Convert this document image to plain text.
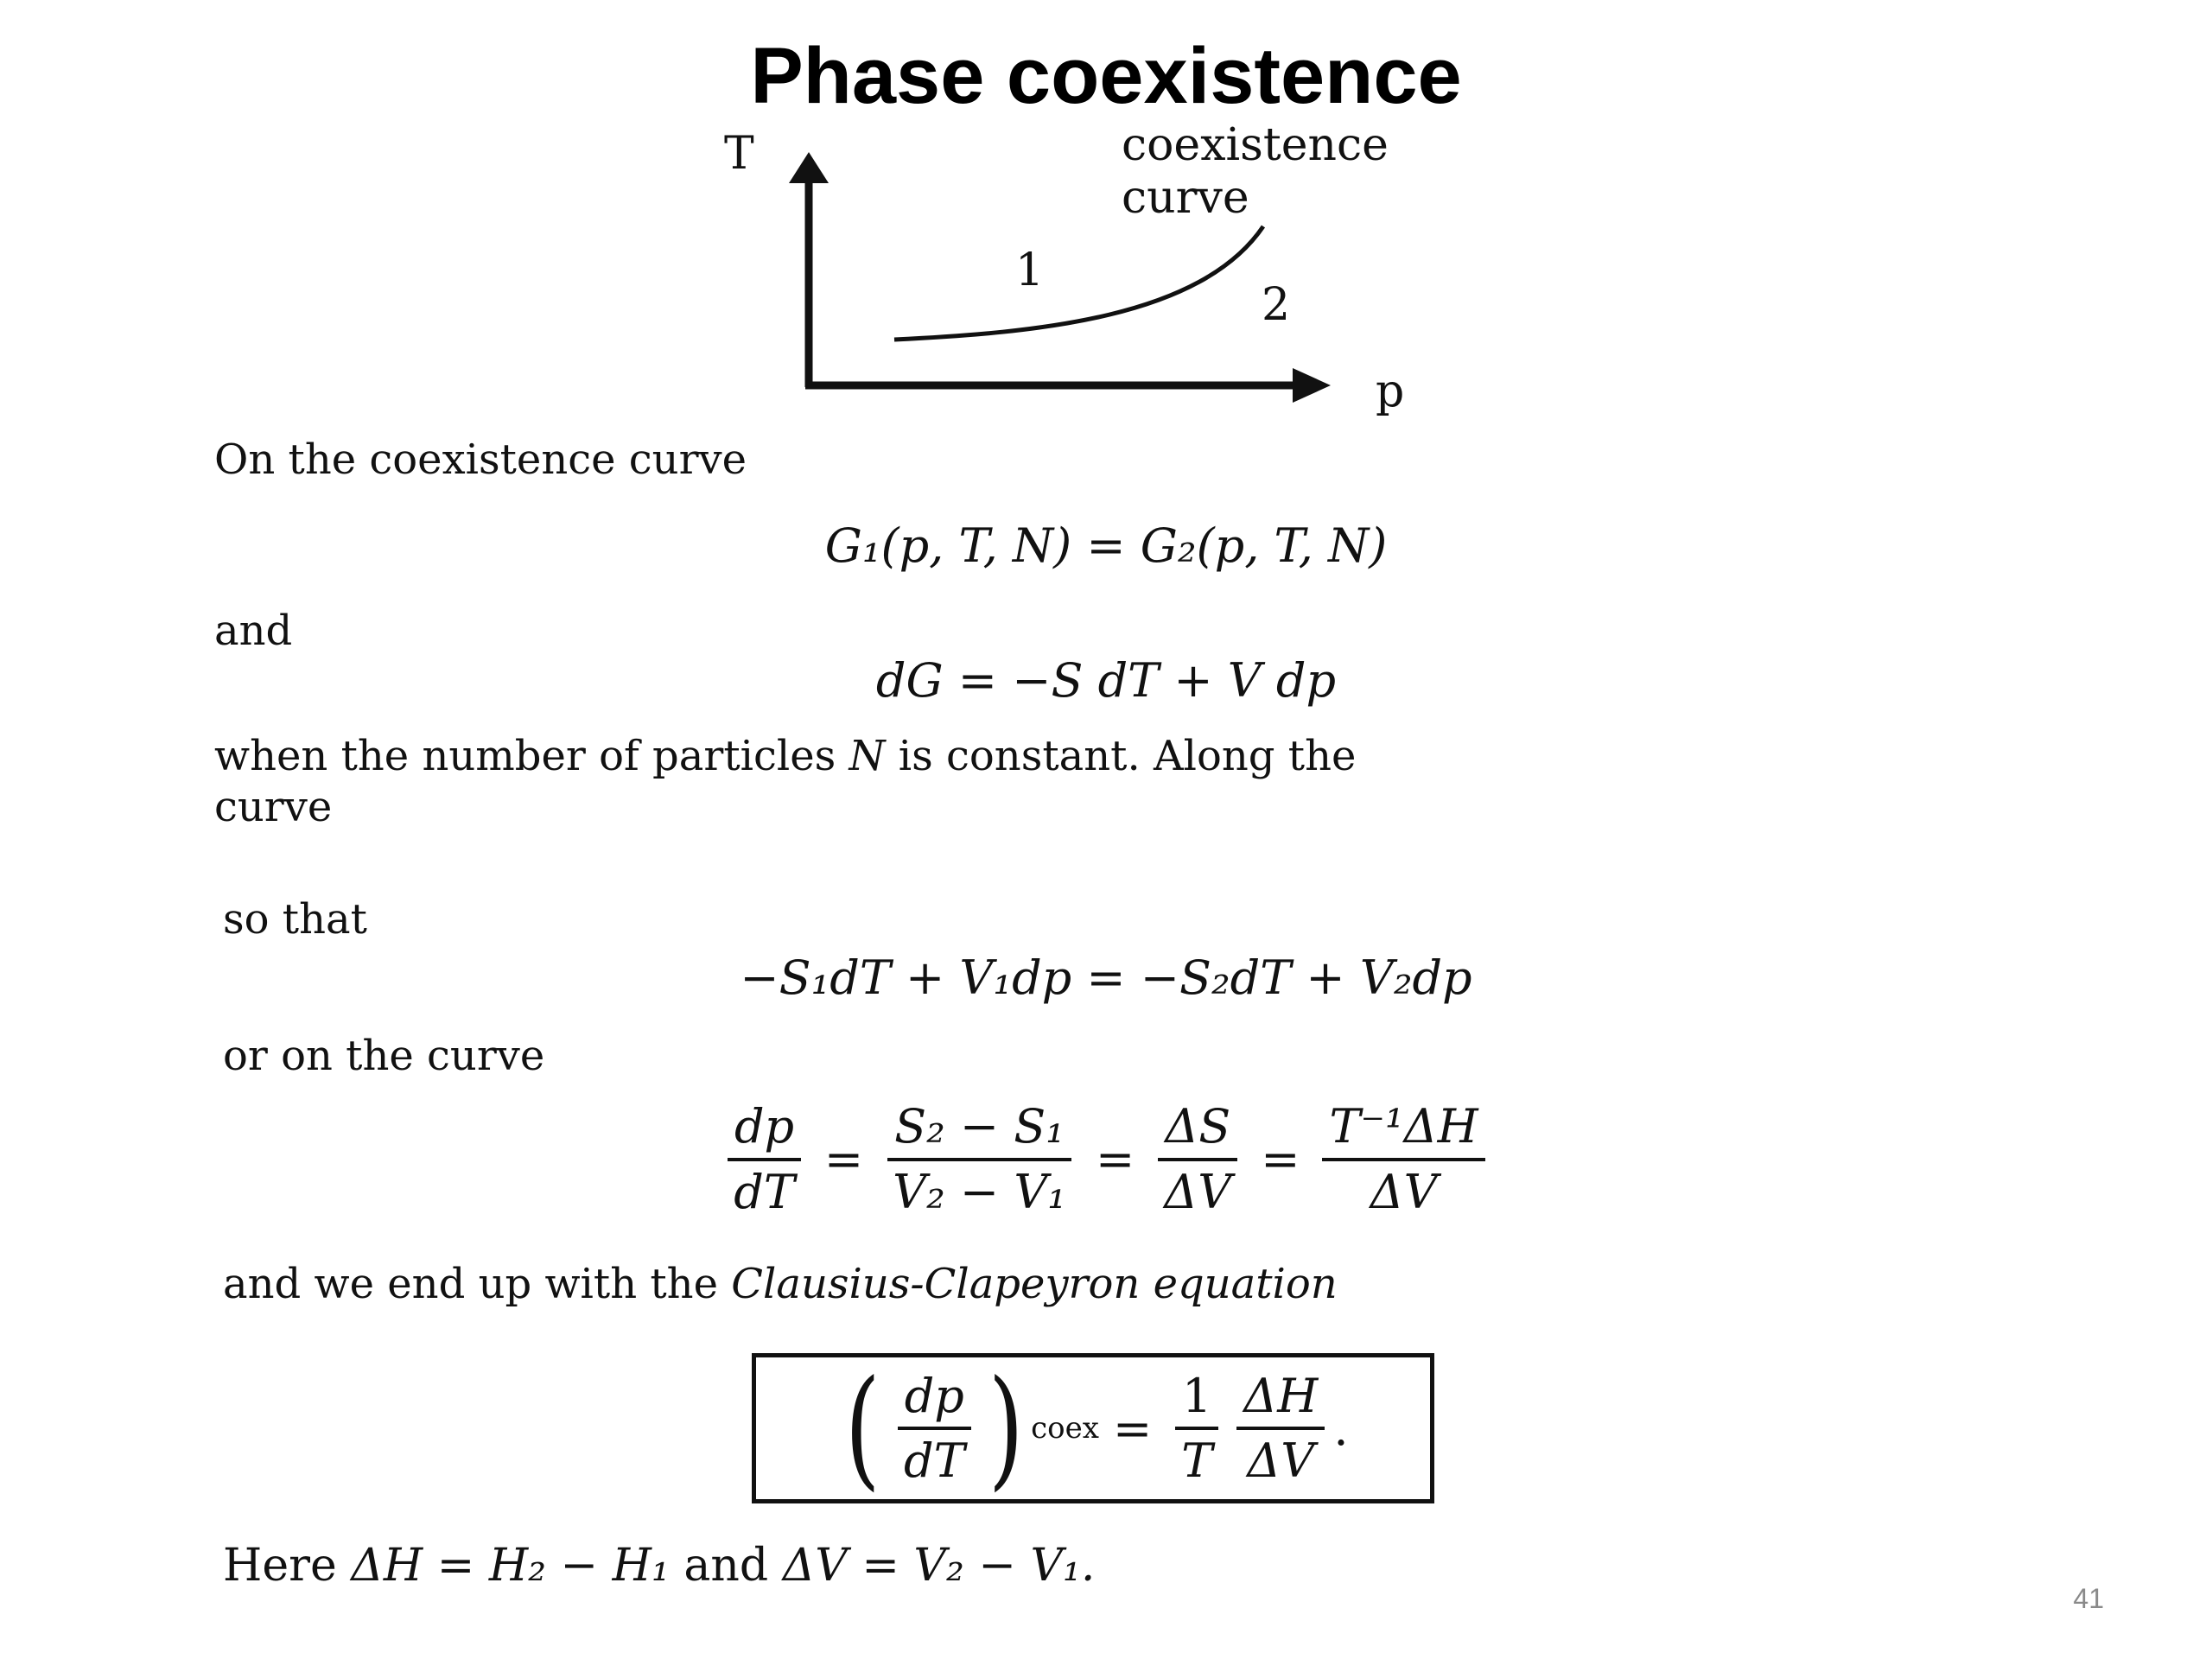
Phase coexistence
T
p
coexistence
curve
1
2
On the coexistence curve
G₁(p, T, N) = G₂(p, T, N)
and
dG = −S dT + V dp
when the number of particles N is constant. Along the
curve
so that
−S₁dT + V₁dp = −S₂dT + V₂dp
or on the curve
$\frac{dp}{dT} = \frac{\text{S₂ − S₁}}{\text{V₂ − V₁}} = \frac{\Delta S}{\Delta V} = \frac{\text{T⁻¹ΔH}}{\Delta V}$
and we end up with the Clausius-Clapeyron equation
( $\frac{dp}{dT}$ ) coex = $\frac{1}{T} \frac{\Delta H}{\Delta V}$ .
Here ΔH = H₂ − H₁ and ΔV = V₂ − V₁.
41
